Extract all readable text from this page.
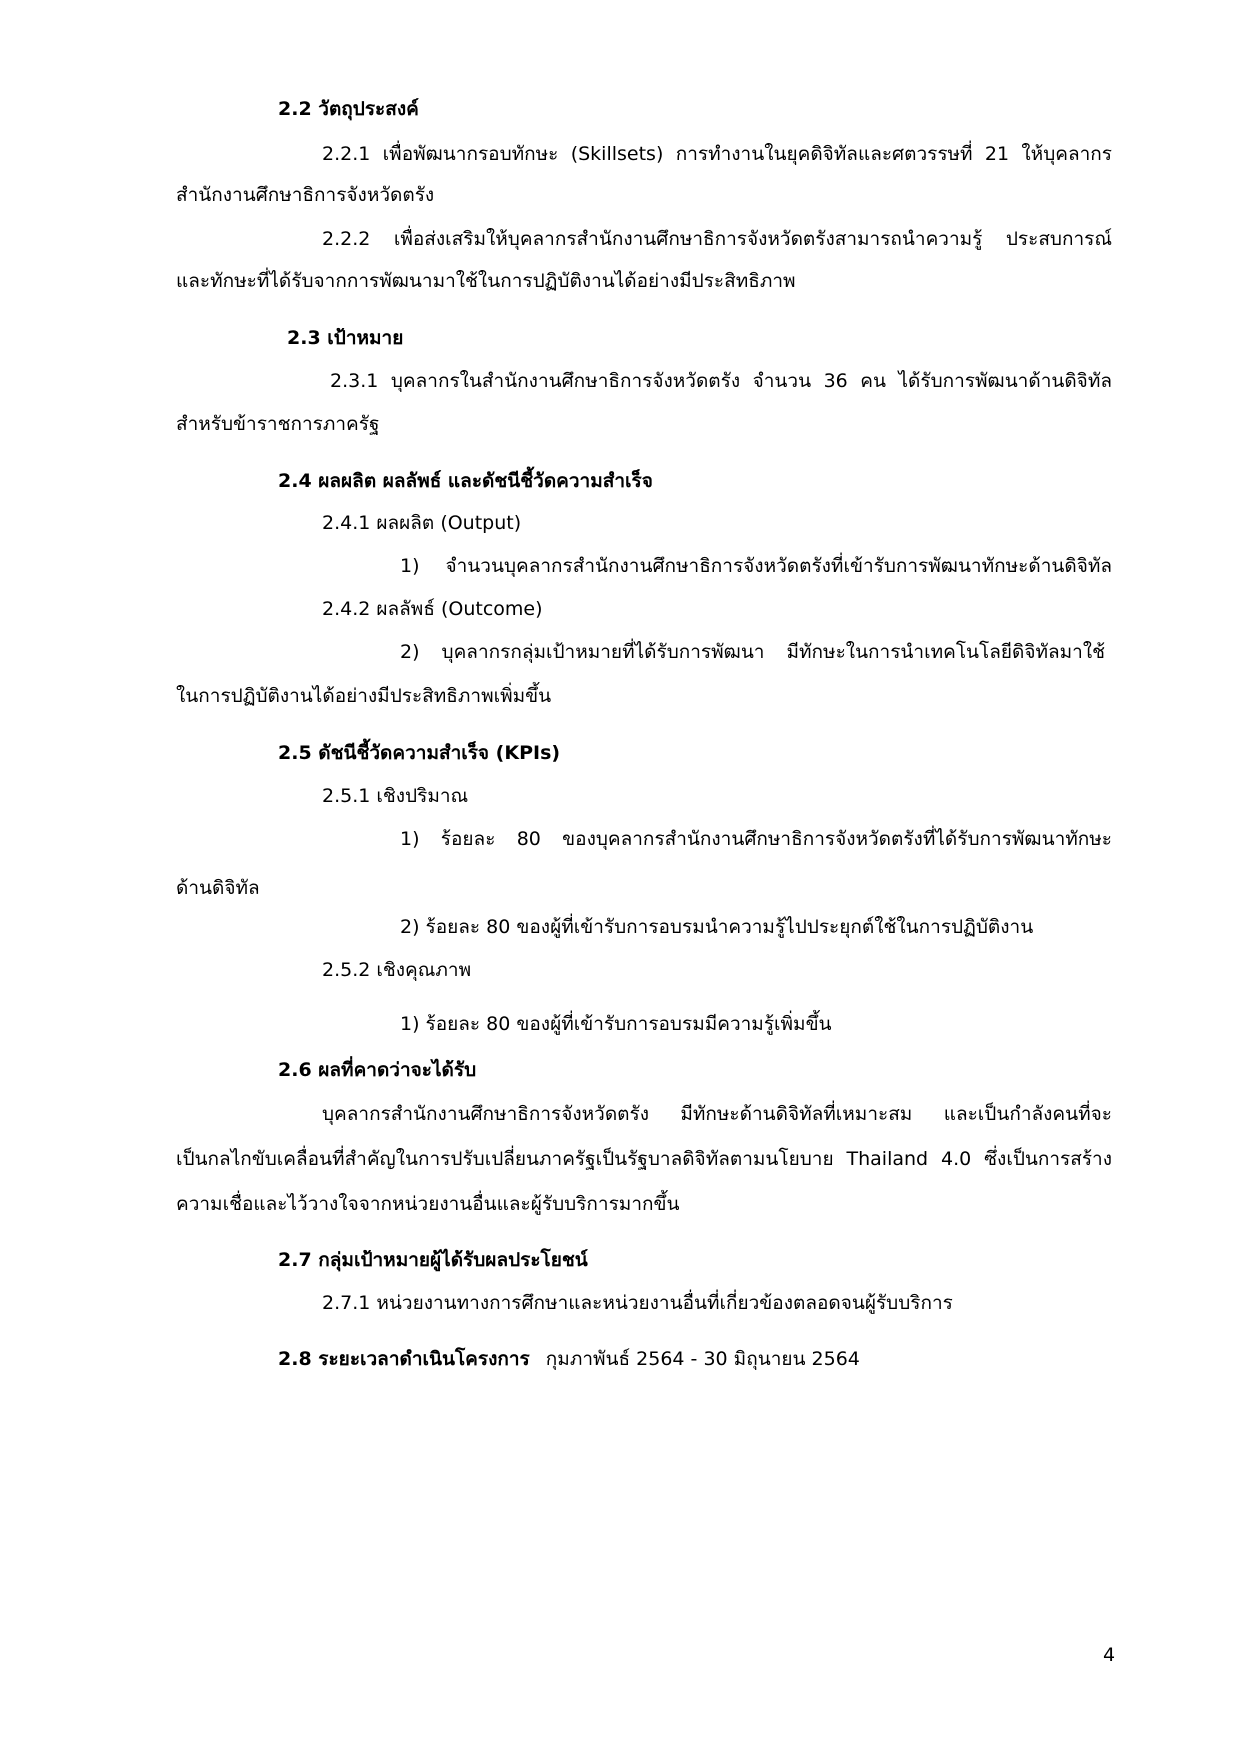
2.2 วัตถุประสงค์
2.2.1 เพื่อพัฒนากรอบทักษะ (Skillsets) การทำงานในยุคดิจิทัลและศตวรรษที่ 21 ให้บุคลากร
สำนักงานศึกษาธิการจังหวัดตรัง
2.2.2 เพื่อส่งเสริมให้บุคลากรสำนักงานศึกษาธิการจังหวัดตรังสามารถนำความรู้ ประสบการณ์
และทักษะที่ได้รับจากการพัฒนามาใช้ในการปฏิบัติงานได้อย่างมีประสิทธิภาพ
2.3 เป้าหมาย
2.3.1 บุคลากรในสำนักงานศึกษาธิการจังหวัดตรัง จำนวน 36 คน ได้รับการพัฒนาด้านดิจิทัล
สำหรับข้าราชการภาครัฐ
2.4 ผลผลิต ผลลัพธ์ และดัชนีชี้วัดความสำเร็จ
2.4.1 ผลผลิต (Output)
1) จำนวนบุคลากรสำนักงานศึกษาธิการจังหวัดตรังที่เข้ารับการพัฒนาทักษะด้านดิจิทัล
2.4.2 ผลลัพธ์ (Outcome)
2) บุคลากรกลุ่มเป้าหมายที่ได้รับการพัฒนา มีทักษะในการนำเทคโนโลยีดิจิทัลมาใช้
ในการปฏิบัติงานได้อย่างมีประสิทธิภาพเพิ่มขึ้น
2.5 ดัชนีชี้วัดความสำเร็จ (KPIs)
2.5.1 เชิงปริมาณ
1) ร้อยละ 80 ของบุคลากรสำนักงานศึกษาธิการจังหวัดตรังที่ได้รับการพัฒนาทักษะ
ด้านดิจิทัล
2) ร้อยละ 80 ของผู้ที่เข้ารับการอบรมนำความรู้ไปประยุกต์ใช้ในการปฏิบัติงาน
2.5.2 เชิงคุณภาพ
1) ร้อยละ 80 ของผู้ที่เข้ารับการอบรมมีความรู้เพิ่มขึ้น
2.6 ผลที่คาดว่าจะได้รับ
บุคลากรสำนักงานศึกษาธิการจังหวัดตรัง มีทักษะด้านดิจิทัลที่เหมาะสม และเป็นกำลังคนที่จะ
เป็นกลไกขับเคลื่อนที่สำคัญในการปรับเปลี่ยนภาครัฐเป็นรัฐบาลดิจิทัลตามนโยบาย Thailand 4.0 ซึ่งเป็นการสร้าง
ความเชื่อและไว้วางใจจากหน่วยงานอื่นและผู้รับบริการมากขึ้น
2.7 กลุ่มเป้าหมายผู้ได้รับผลประโยชน์
2.7.1 หน่วยงานทางการศึกษาและหน่วยงานอื่นที่เกี่ยวข้องตลอดจนผู้รับบริการ
2.8 ระยะเวลาดำเนินโครงการ กุมภาพันธ์ 2564 - 30 มิถุนายน 2564
4
